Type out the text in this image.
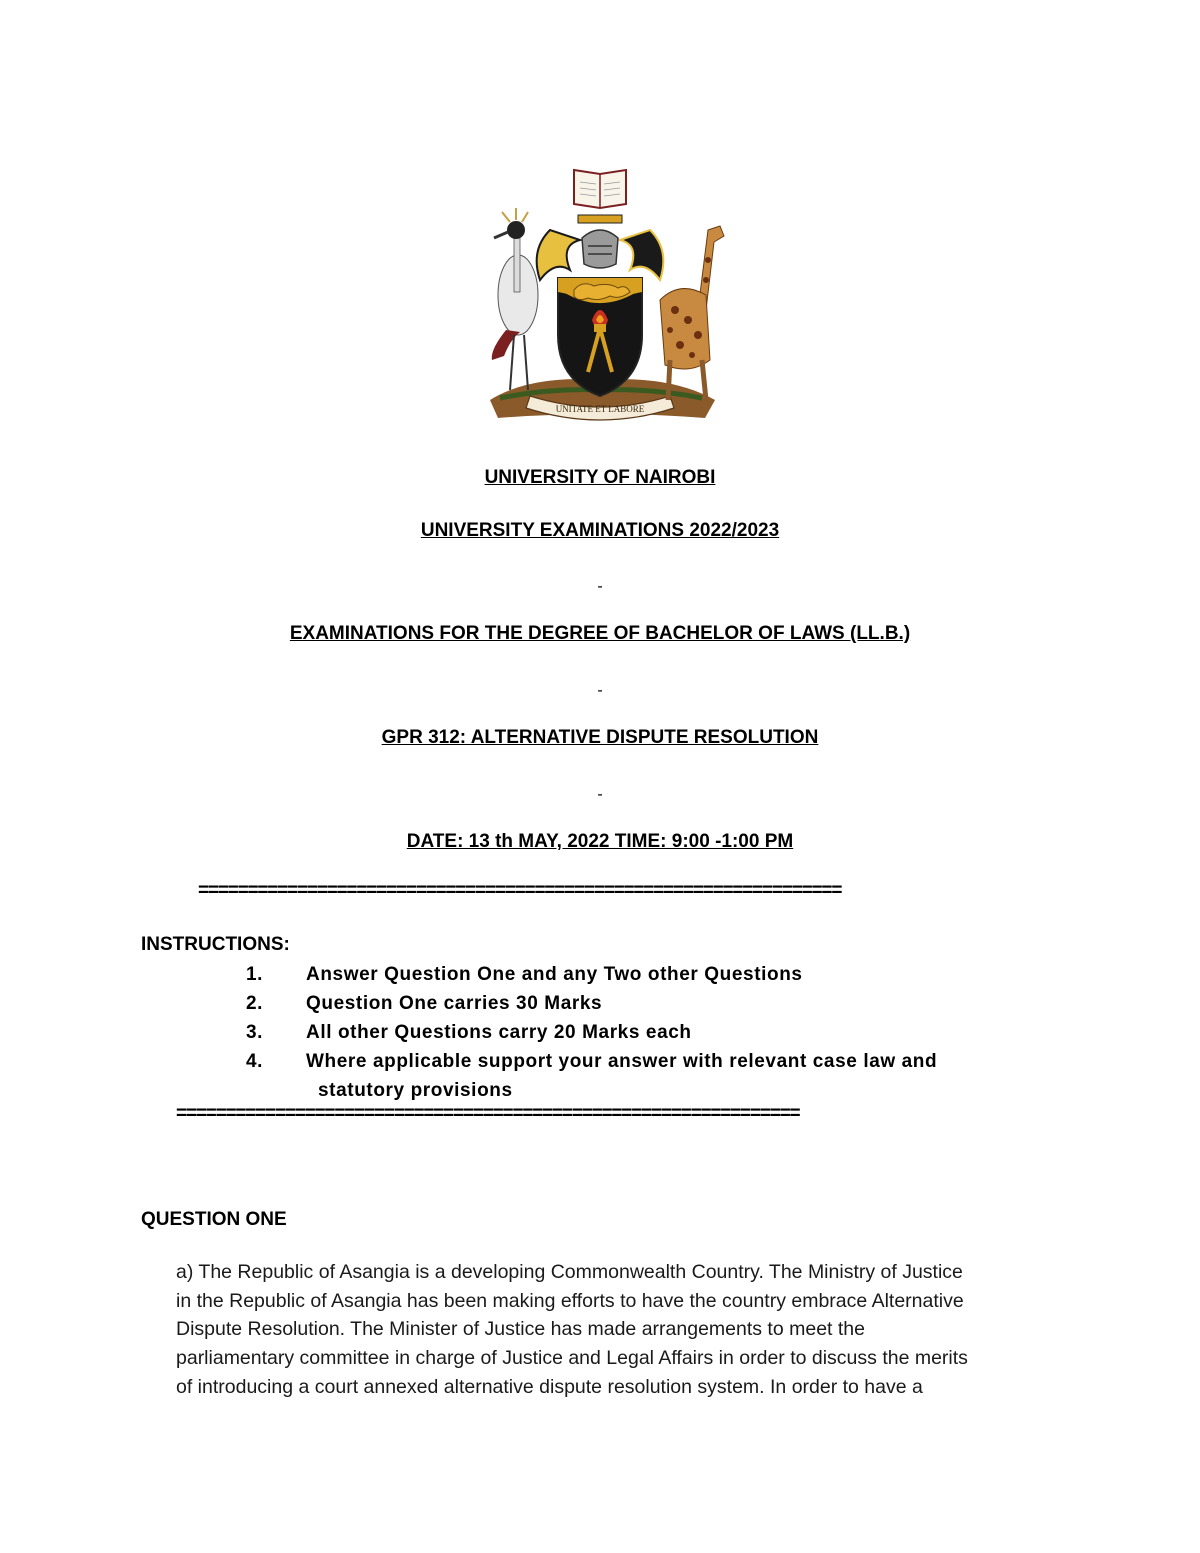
UNITATE ET LABORE
UNIVERSITY OF NAIROBI
UNIVERSITY EXAMINATIONS 2022/2023
-
EXAMINATIONS FOR THE DEGREE OF BACHELOR OF LAWS (LL.B.)
-
GPR 312: ALTERNATIVE DISPUTE RESOLUTION
-
DATE: 13 th MAY, 2022 TIME: 9:00 -1:00 PM
=================================================================
INSTRUCTIONS:
1. Answer Question One and any Two other Questions
2. Question One carries 30 Marks
3. All other Questions carry 20 Marks each
4. Where applicable support your answer with relevant case law and
statutory provisions
===============================================================
QUESTION ONE
a) The Republic of Asangia is a developing Commonwealth Country. The Ministry of Justice
in the Republic of Asangia has been making efforts to have the country embrace Alternative
Dispute Resolution. The Minister of Justice has made arrangements to meet the
parliamentary committee in charge of Justice and Legal Affairs in order to discuss the merits
of introducing a court annexed alternative dispute resolution system. In order to have a
